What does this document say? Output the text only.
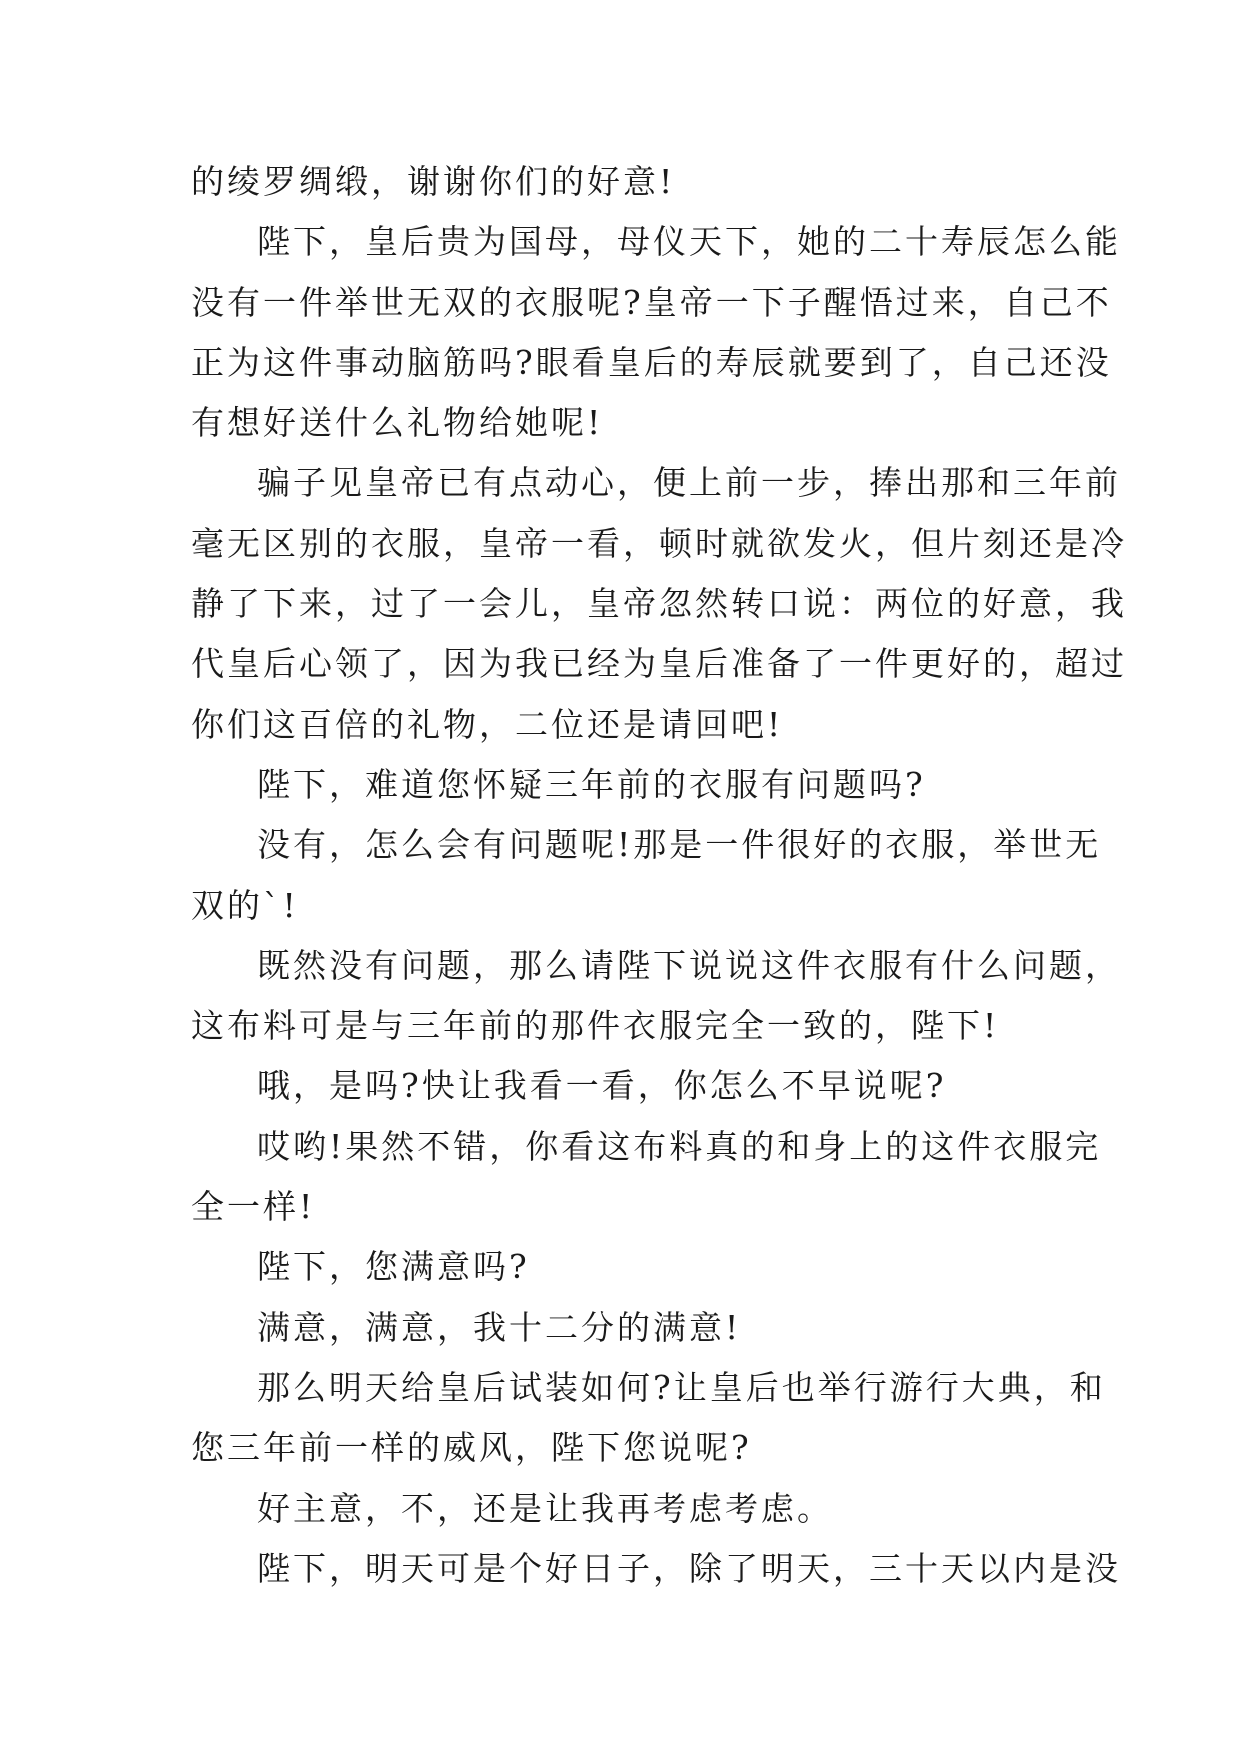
的绫罗绸缎，谢谢你们的好意!
陛下，皇后贵为国母，母仪天下，她的二十寿辰怎么能
没有一件举世无双的衣服呢?皇帝一下子醒悟过来，自己不
正为这件事动脑筋吗?眼看皇后的寿辰就要到了，自己还没
有想好送什么礼物给她呢!
骗子见皇帝已有点动心，便上前一步，捧出那和三年前
毫无区别的衣服，皇帝一看，顿时就欲发火，但片刻还是冷
静了下来，过了一会儿，皇帝忽然转口说：两位的好意，我
代皇后心领了，因为我已经为皇后准备了一件更好的，超过
你们这百倍的礼物，二位还是请回吧!
陛下，难道您怀疑三年前的衣服有问题吗?
没有，怎么会有问题呢!那是一件很好的衣服，举世无
双的`!
既然没有问题，那么请陛下说说这件衣服有什么问题，
这布料可是与三年前的那件衣服完全一致的，陛下!
哦，是吗?快让我看一看，你怎么不早说呢?
哎哟!果然不错，你看这布料真的和身上的这件衣服完
全一样!
陛下，您满意吗?
满意，满意，我十二分的满意!
那么明天给皇后试装如何?让皇后也举行游行大典，和
您三年前一样的威风，陛下您说呢?
好主意，不，还是让我再考虑考虑。
陛下，明天可是个好日子，除了明天，三十天以内是没
